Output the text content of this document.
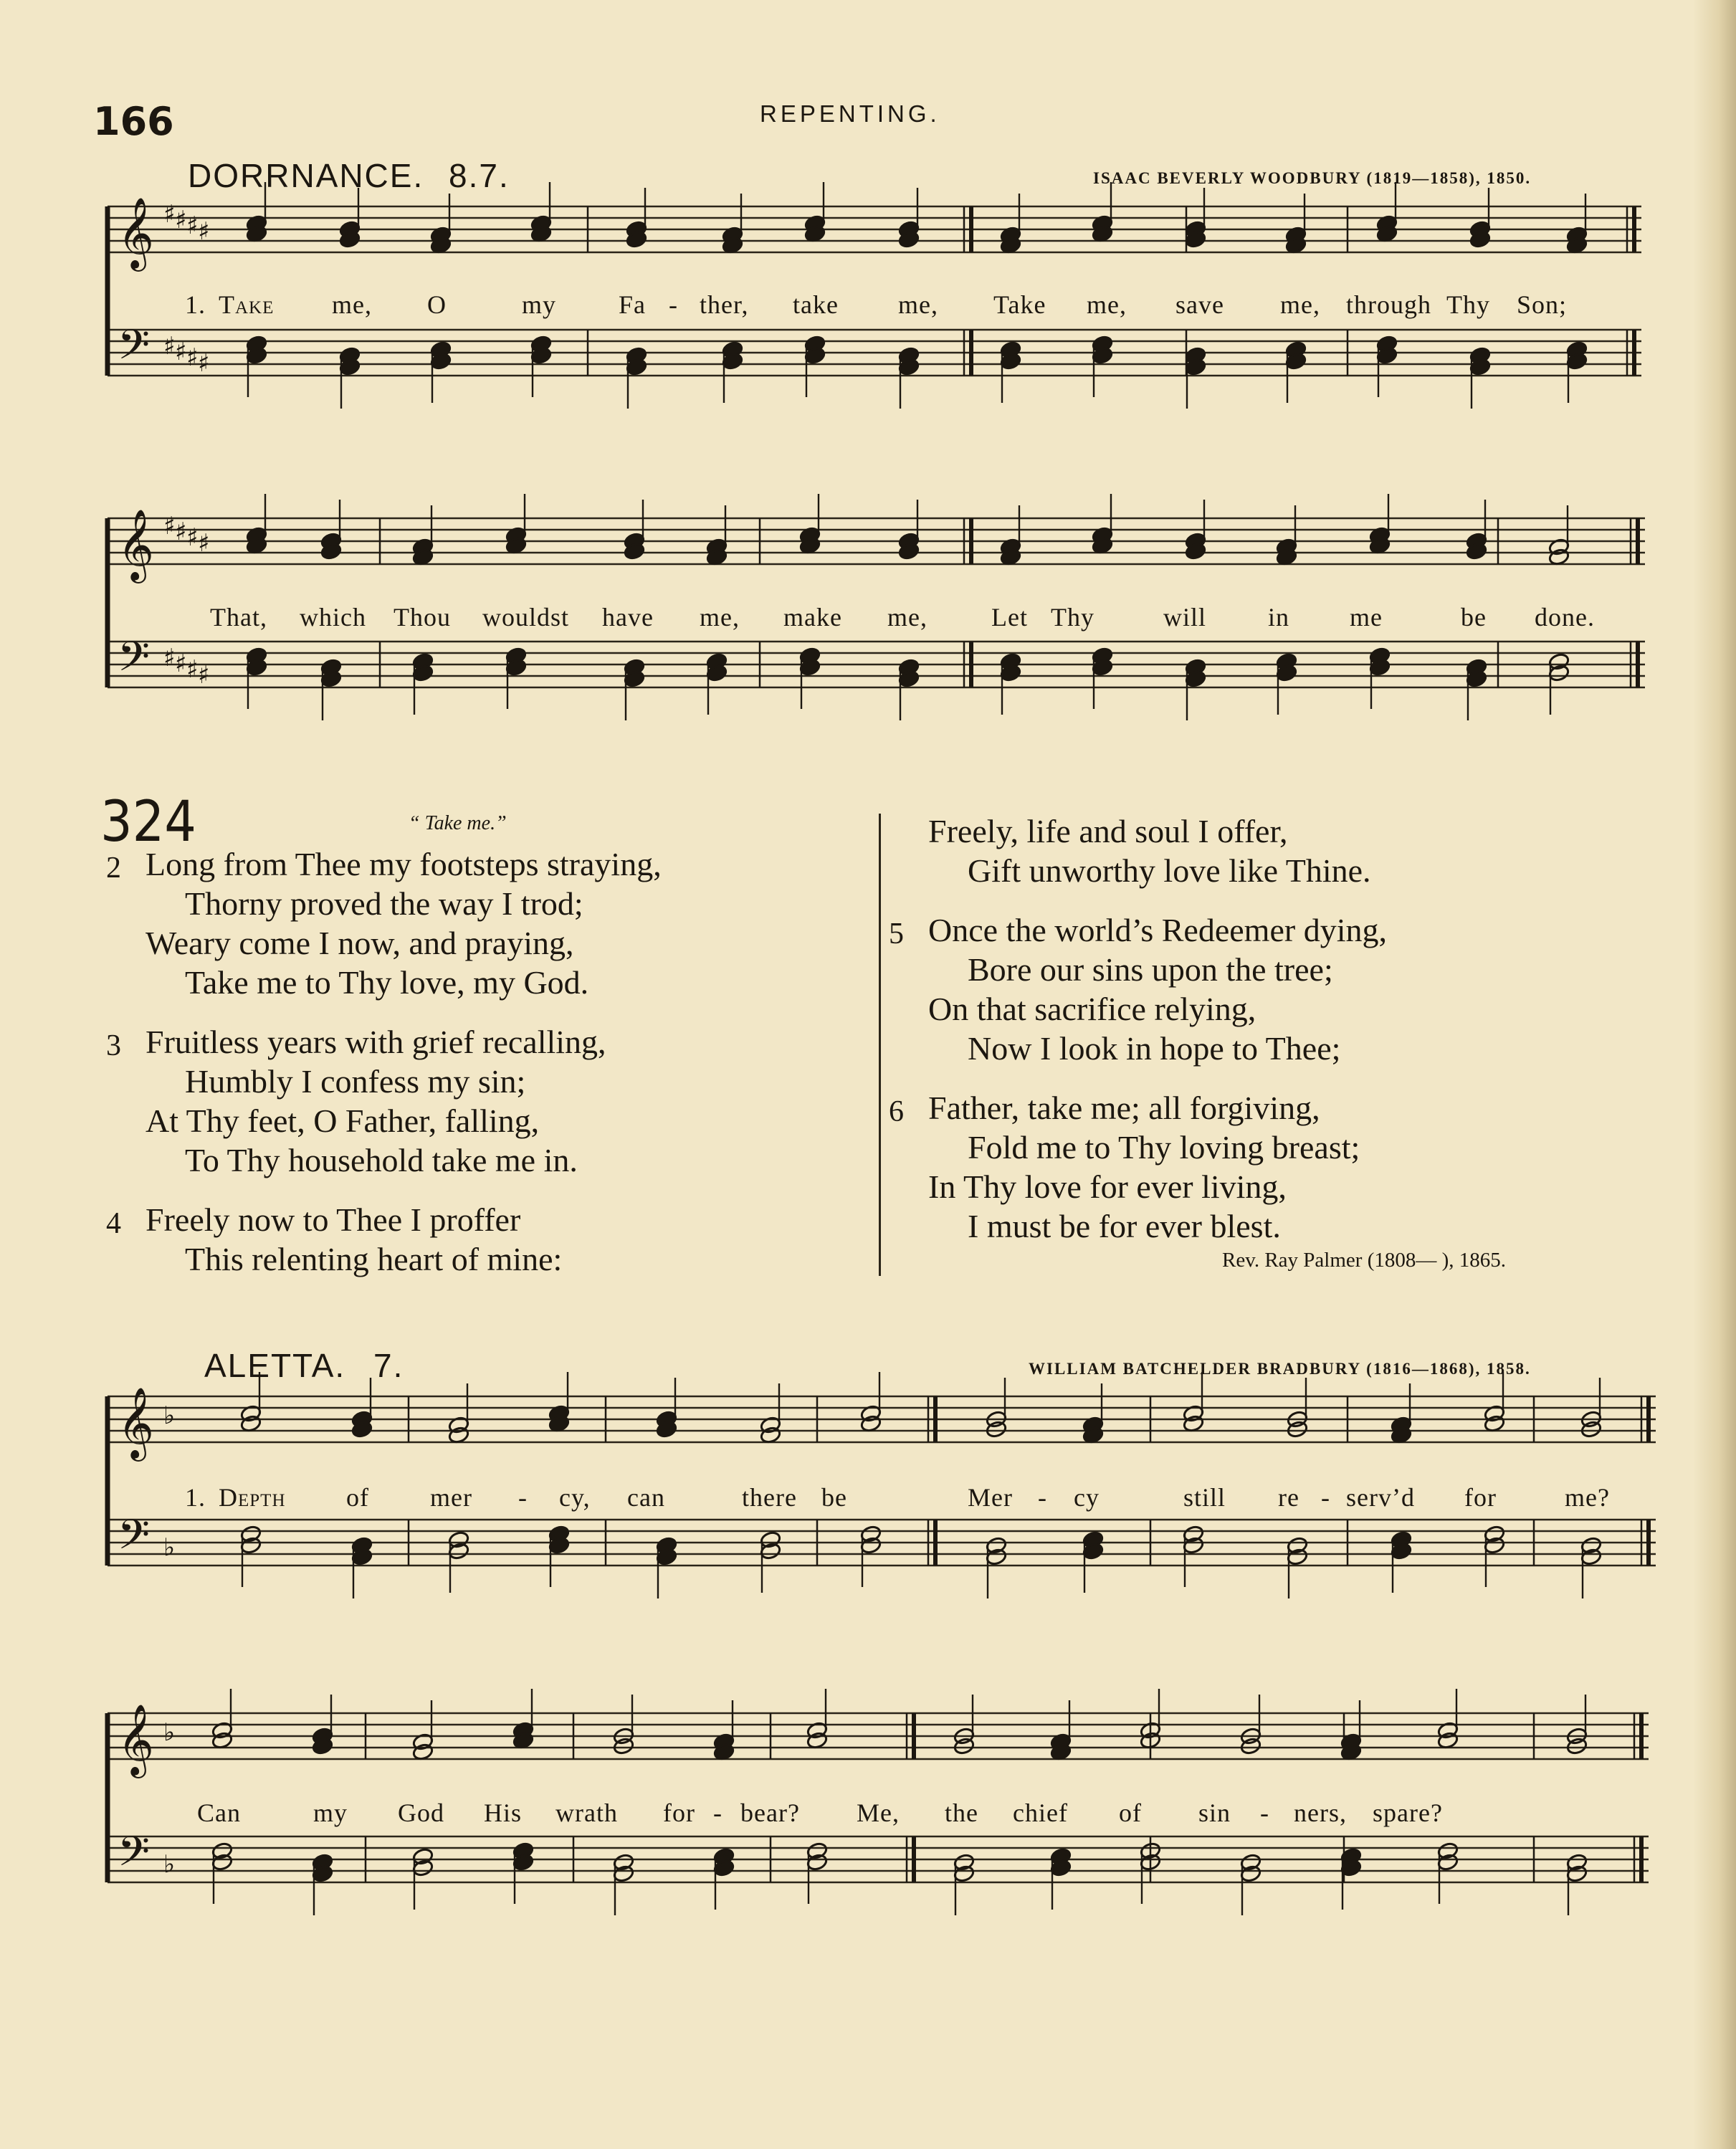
166	REPENTING.
DORRNANCE. 8.7.	ISAAC BEVERLY WOODBURY (1819—1858), 1850.
𝄞
𝄢
♯
♯
♯
♯
♯
♯
♯
♯
1. Take me, O	my Fa - ther, take me, Take me, save me, through Thy Son;
𝄞
𝄢
♯
♯
♯
♯
♯
♯
♯
♯
That, which Thou wouldst have me, make me, Let Thy	will in me	be done.
324	“ Take me.”
2 Long from Thee my footsteps straying,
Thorny proved the way I trod;
Weary come I now, and praying,
Take me to Thy love, my God.
3 Fruitless years with grief recalling,
Humbly I confess my sin;
At Thy feet, O Father, falling,
To Thy household take me in.
4 Freely now to Thee I proffer
This relenting heart of mine:
Freely, life and soul I offer,
Gift unworthy love like Thine.
5 Once the world’s Redeemer dying,
Bore our sins upon the tree;
On that sacrifice relying,
Now I look in hope to Thee;
6 Father, take me; all forgiving,
Fold me to Thy loving breast;
In Thy love for ever living,
I must be for ever blest.
Rev. Ray Palmer (1808— ), 1865.
ALETTA. 7.	WILLIAM BATCHELDER BRADBURY (1816—1868), 1858.
𝄞
𝄢
♭
♭
1. Depth of mer - cy, can	there be	Mer - cy	still re - serv’d for	me?
𝄞
𝄢
♭
♭
Can	my God His wrath for - bear? Me, the chief of sin - ners, spare?
